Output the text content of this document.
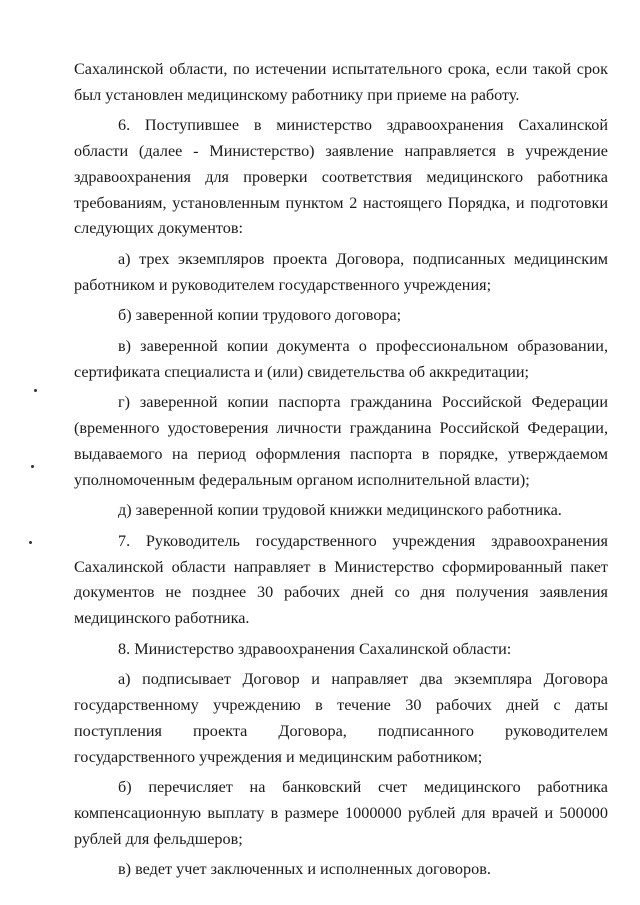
Сахалинской области, по истечении испытательного срока, если такой срок был установлен медицинскому работнику при приеме на работу.

6. Поступившее в министерство здравоохранения Сахалинской области (далее - Министерство) заявление направляется в учреждение здравоохранения для проверки соответствия медицинского работника требованиям, установленным пунктом 2 настоящего Порядка, и подготовки следующих документов:

а) трех экземпляров проекта Договора, подписанных медицинским работником и руководителем государственного учреждения;

б) заверенной копии трудового договора;

в) заверенной копии документа о профессиональном образовании, сертификата специалиста и (или) свидетельства об аккредитации;

г) заверенной копии паспорта гражданина Российской Федерации (временного удостоверения личности гражданина Российской Федерации, выдаваемого на период оформления паспорта в порядке, утверждаемом уполномоченным федеральным органом исполнительной власти);

д) заверенной копии трудовой книжки медицинского работника.

7. Руководитель государственного учреждения здравоохранения Сахалинской области направляет в Министерство сформированный пакет документов не позднее 30 рабочих дней со дня получения заявления медицинского работника.

8. Министерство здравоохранения Сахалинской области:

а) подписывает Договор и направляет два экземпляра Договора государственному учреждению в течение 30 рабочих дней с даты поступления проекта Договора, подписанного руководителем государственного учреждения и медицинским работником;

б) перечисляет на банковский счет медицинского работника компенсационную выплату в размере 1000000 рублей для врачей и 500000 рублей для фельдшеров;

в) ведет учет заключенных и исполненных договоров.
